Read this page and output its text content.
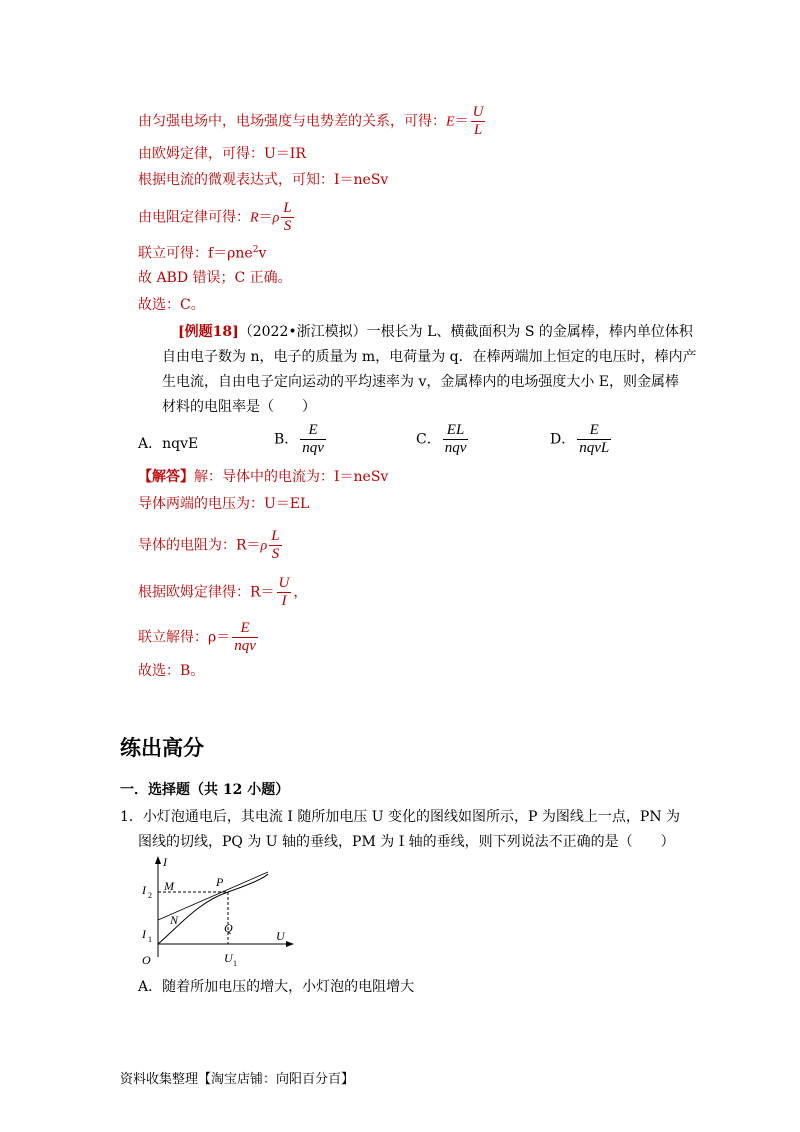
由匀强电场中，电场强度与电势差的关系，可得：$E= \frac{U}{L}$
由欧姆定律，可得：U＝IR
根据电流的微观表达式，可知：I＝neSv
由电阻定律可得：$R=\rho \frac{L}{S}$
联立可得：f＝ρne$^2$v
故 ABD 错误；C 正确。
故选：C。
[例题18]（2022•浙江模拟）一根长为 L、横截面积为 S 的金属棒，棒内单位体积
自由电子数为 n，电子的质量为 m，电荷量为 q．在棒两端加上恒定的电压时，棒内产
生电流，自由电子定向运动的平均速率为 v，金属棒内的电场强度大小 E，则金属棒
材料的电阻率是（　　）
A．nqvE	B． $\frac{E}{\text{nqv}}$	C． $\frac{EL}{\text{nqv}}$	D． $\frac{E}{\text{nqvL}}$
【解答】解：导体中的电流为：I＝neSv
导体两端的电压为：U＝EL
导体的电阻为：$R=\rho \frac{L}{S}$
根据欧姆定律得：$R= \frac{U}{I}$ ，
联立解得：$\rho= \frac{E}{\text{nqv}}$
故选：B。
练出高分
一．选择题（共 12 小题）
1．小灯泡通电后，其电流 I 随所加电压 U 变化的图线如图所示，P 为图线上一点，PN 为
图线的切线，PQ 为 U 轴的垂线，PM 为 I 轴的垂线，则下列说法不正确的是（　　）
I
U
O
I 2
I 1
U 1
M	P
N
Q
A．随着所加电压的增大，小灯泡的电阻增大
资料收集整理【淘宝店铺：向阳百分百】
